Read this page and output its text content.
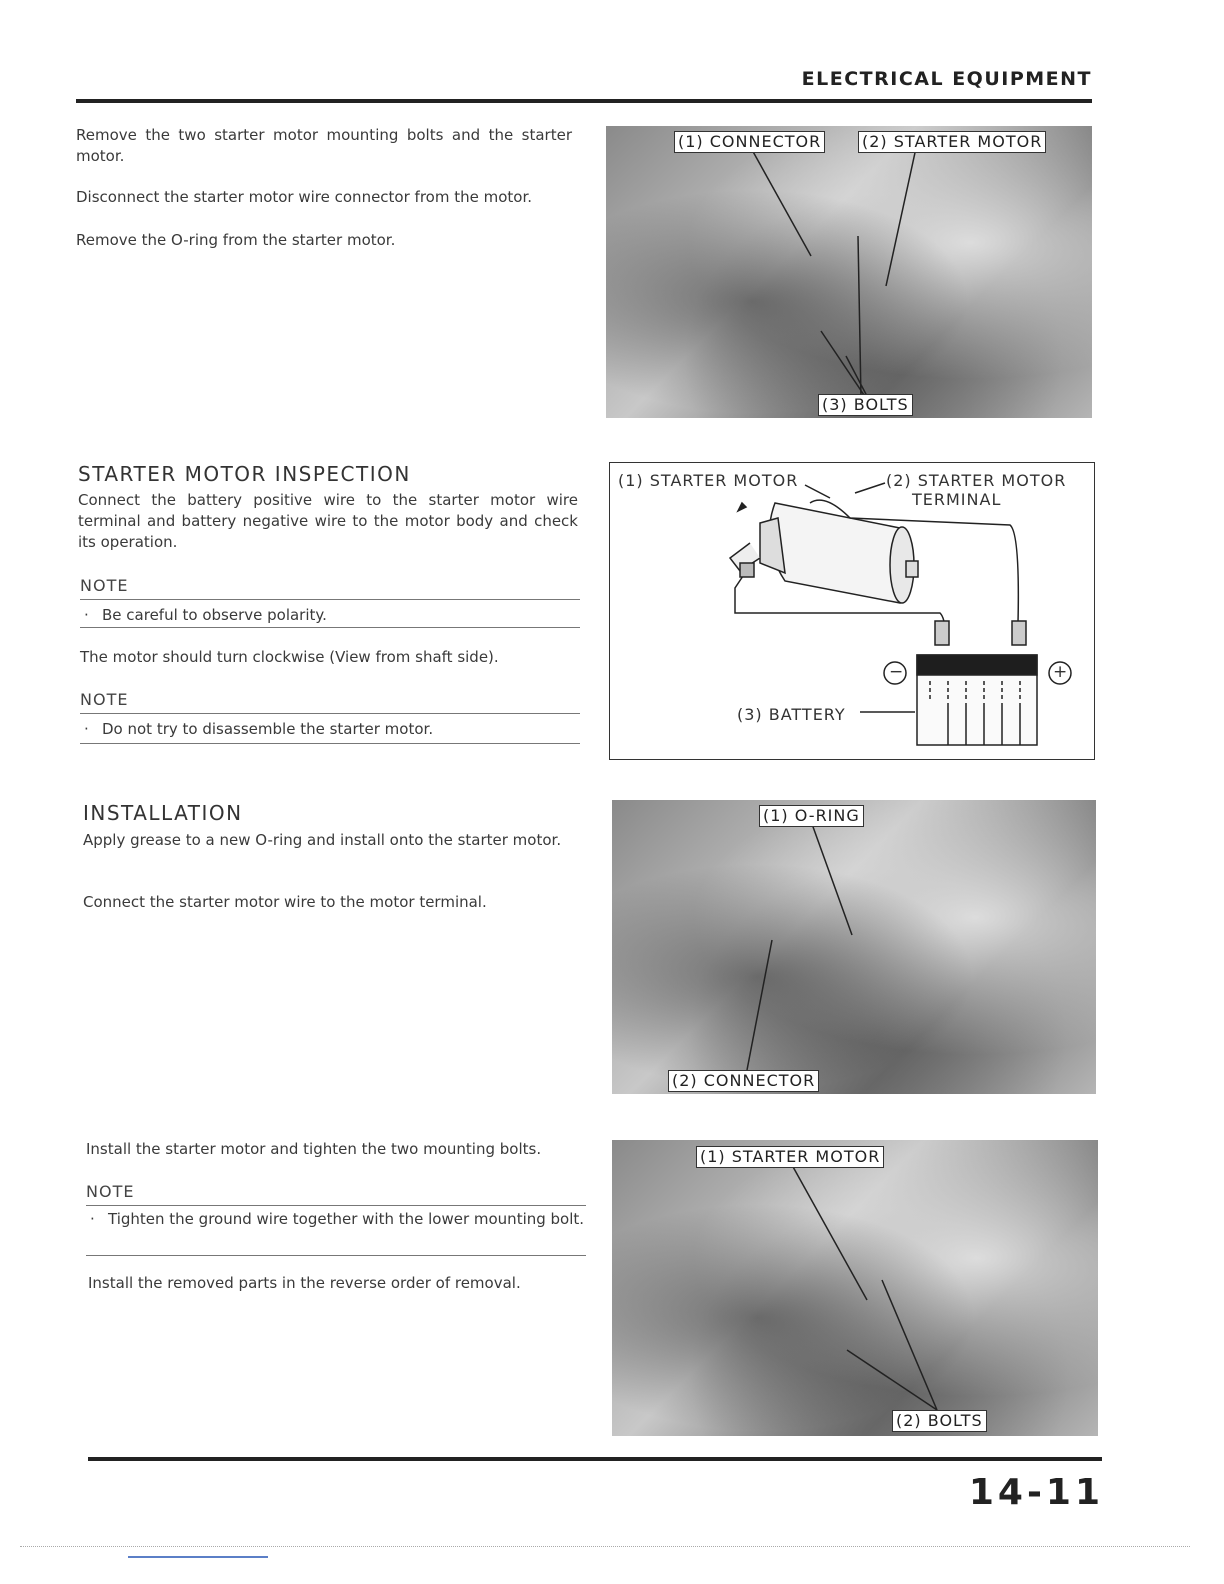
ELECTRICAL EQUIPMENT
Remove the two starter motor mounting bolts and the starter motor.
Disconnect the starter motor wire connector from the motor.
Remove the O-ring from the starter motor.
(1) CONNECTOR	(2) STARTER MOTOR
(3) BOLTS
STARTER MOTOR INSPECTION
Connect the battery positive wire to the starter motor wire terminal and battery negative wire to the motor body and check its operation.
NOTE
· Be careful to observe polarity.
The motor should turn clockwise (View from shaft side).
NOTE
· Do not try to disassemble the starter motor.
(1) STARTER MOTOR	(2) STARTER MOTOR
TERMINAL
(3) BATTERY
−	+
INSTALLATION
Apply grease to a new O-ring and install onto the starter motor.
Connect the starter motor wire to the motor terminal.
(1) O-RING
(2) CONNECTOR
Install the starter motor and tighten the two mounting bolts.
NOTE
· Tighten the ground wire together with the lower mounting bolt.
Install the removed parts in the reverse order of removal.
(1) STARTER MOTOR
(2) BOLTS
14-11
